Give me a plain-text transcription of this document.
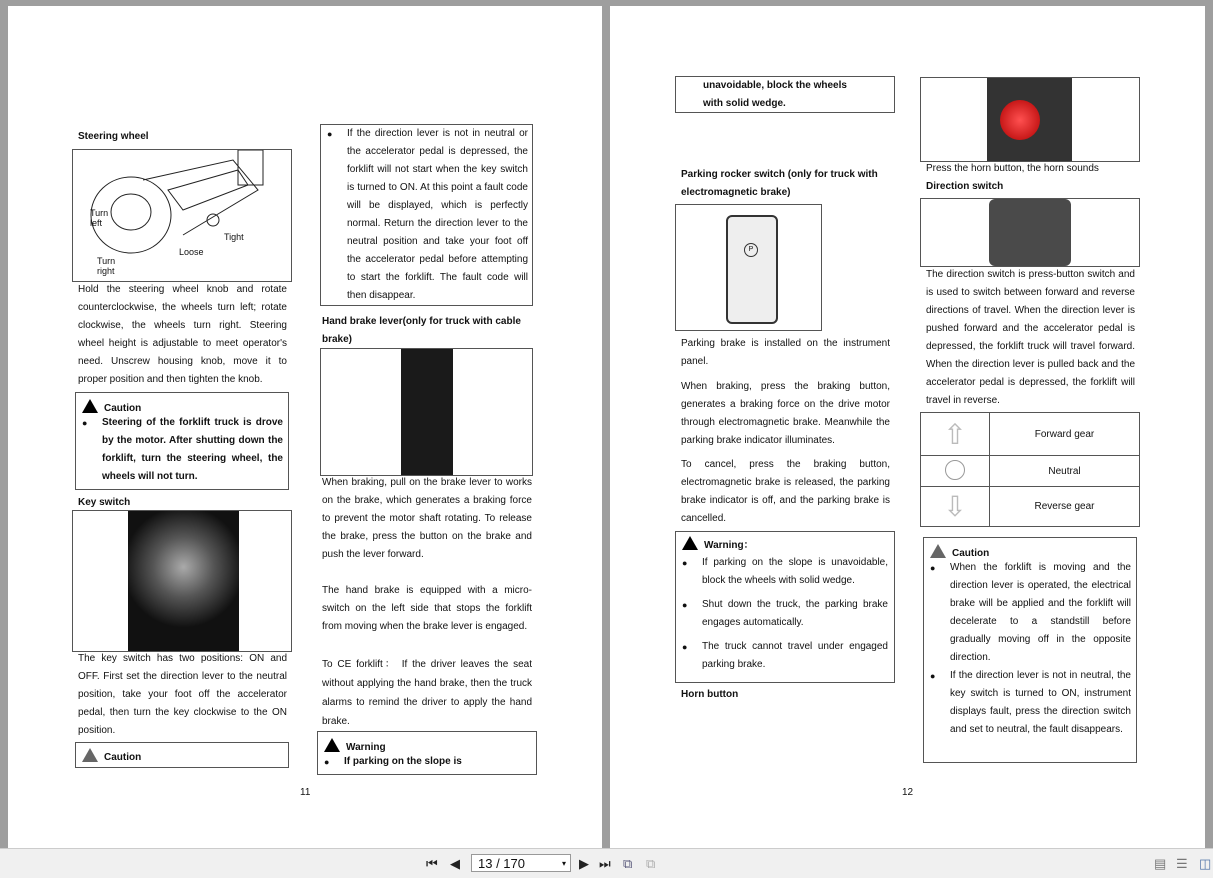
Steering wheel
Turn left
Turn right
Loose
Tight
Hold the steering wheel knob and rotate counterclockwise, the wheels turn left; rotate clockwise, the wheels turn right. Steering wheel height is adjustable to meet operator's need. Unscrew housing knob, move it to proper position and then tighten the knob.
Caution
● Steering of the forklift truck is drove by the motor. After shutting down the forklift, turn the steering wheel, the wheels will not turn.
Key switch
The key switch has two positions: ON and OFF. First set the direction lever to the neutral position, take your foot off the accelerator pedal, then turn the key clockwise to the ON position.
Caution
11
● If the direction lever is not in neutral or the accelerator pedal is depressed, the forklift will not start when the key switch is turned to ON. At this point a fault code will be displayed, which is perfectly normal. Return the direction lever to the neutral position and take your foot off the accelerator pedal before attempting to start the forklift. The fault code will then disappear.
Hand brake lever(only for truck with cable brake)
When braking, pull on the brake lever to works on the brake, which generates a braking force to prevent the motor shaft rotating. To release the brake, press the button on the brake and push the lever forward.
The hand brake is equipped with a micro-switch on the left side that stops the forklift from moving when the brake lever is engaged.
To CE forklift： If the driver leaves the seat without applying the hand brake, then the truck alarms to remind the driver to apply the hand brake.
Warning
● If parking on the slope is
unavoidable, block the wheels with solid wedge.
Parking rocker switch (only for truck with electromagnetic brake)
P
Parking brake is installed on the instrument panel.
When braking, press the braking button, generates a braking force on the drive motor through electromagnetic brake. Meanwhile the parking brake indicator illuminates.
To cancel, press the braking button, electromagnetic brake is released, the parking brake indicator is off, and the parking brake is cancelled.
Warning：
● If parking on the slope is unavoidable, block the wheels with solid wedge.
● Shut down the truck, the parking brake engages automatically.
● The truck cannot travel under engaged parking brake.
Horn button
12
Press the horn button, the horn sounds
Direction switch
The direction switch is press-button switch and is used to switch between forward and reverse directions of travel. When the direction lever is pushed forward and the accelerator pedal is depressed, the forklift truck will travel forward. When the direction lever is pulled back and the accelerator pedal is depressed, the forklift will travel in reverse.
⇧	Forward gear
	Neutral
⇩	Reverse gear
Caution
● When the forklift is moving and the direction lever is operated, the electrical brake will be applied and the forklift will decelerate to a standstill before gradually moving off in the opposite direction.
● If the direction lever is not in neutral, the key switch is turned to ON, instrument displays fault, press the direction switch and set to neutral, the fault disappears.
⏮ ◀	13 / 170	▾ ▶ ⏭ ⧉ ⧉	▤ ☰ ◫
